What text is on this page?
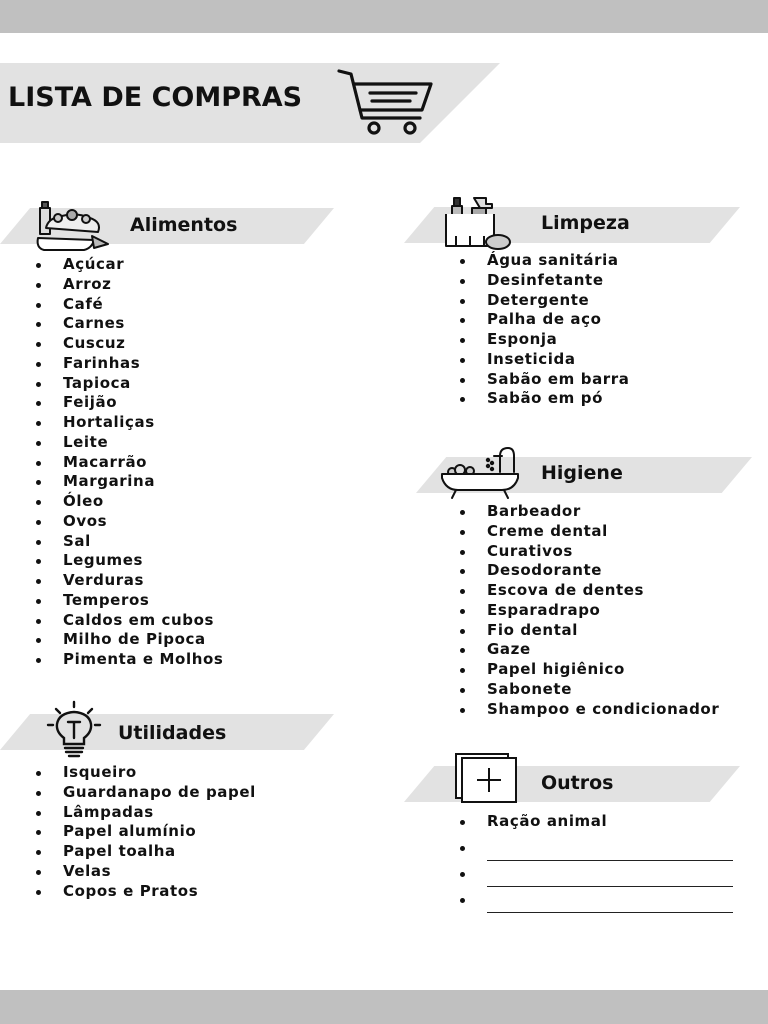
LISTA DE COMPRAS
Alimentos
Açúcar
Arroz
Café
Carnes
Cuscuz
Farinhas
Tapioca
Feijão
Hortaliças
Leite
Macarrão
Margarina
Óleo
Ovos
Sal
Legumes
Verduras
Temperos
Caldos em cubos
Milho de Pipoca
Pimenta e Molhos
Utilidades
Isqueiro
Guardanapo de papel
Lâmpadas
Papel alumínio
Papel toalha
Velas
Copos e Pratos
Limpeza
Água sanitária
Desinfetante
Detergente
Palha de aço
Esponja
Inseticida
Sabão em barra
Sabão em pó
Higiene
Barbeador
Creme dental
Curativos
Desodorante
Escova de dentes
Esparadrapo
Fio dental
Gaze
Papel higiênico
Sabonete
Shampoo e condicionador
Outros
Ração animal
